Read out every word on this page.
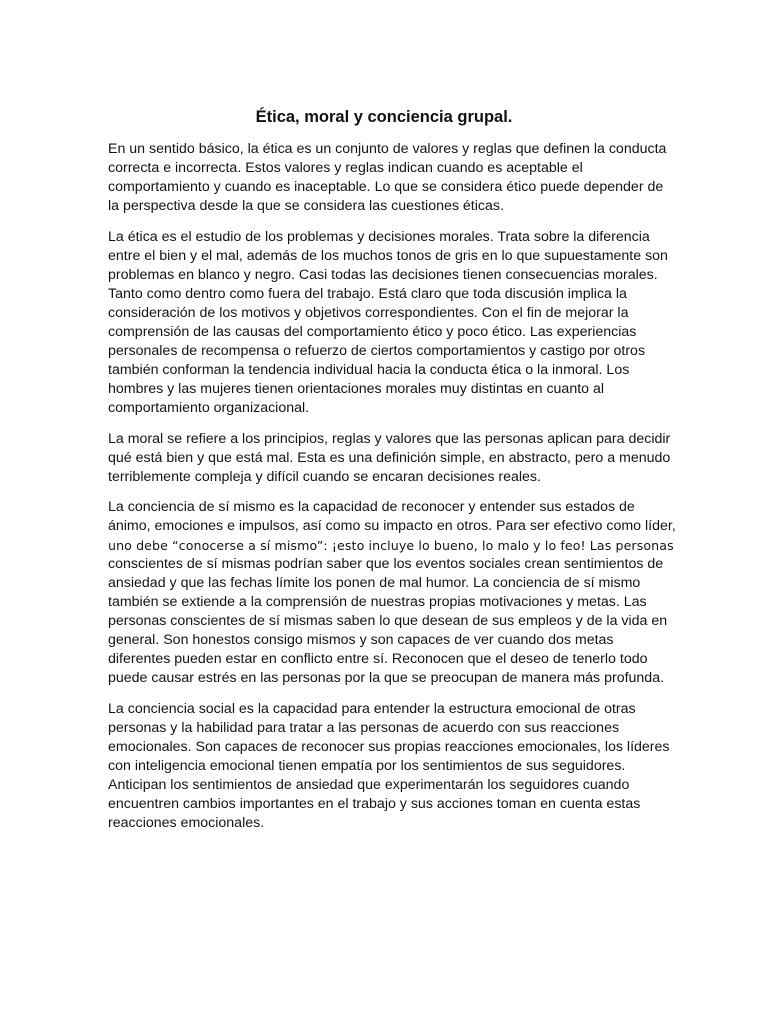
Ética, moral y conciencia grupal.
En un sentido básico, la ética es un conjunto de valores y reglas que definen la conducta
correcta e incorrecta. Estos valores y reglas indican cuando es aceptable el
comportamiento y cuando es inaceptable. Lo que se considera ético puede depender de
la perspectiva desde la que se considera las cuestiones éticas.
La ética es el estudio de los problemas y decisiones morales. Trata sobre la diferencia
entre el bien y el mal, además de los muchos tonos de gris en lo que supuestamente son
problemas en blanco y negro. Casi todas las decisiones tienen consecuencias morales.
Tanto como dentro como fuera del trabajo. Está claro que toda discusión implica la
consideración de los motivos y objetivos correspondientes. Con el fin de mejorar la
comprensión de las causas del comportamiento ético y poco ético. Las experiencias
personales de recompensa o refuerzo de ciertos comportamientos y castigo por otros
también conforman la tendencia individual hacia la conducta ética o la inmoral. Los
hombres y las mujeres tienen orientaciones morales muy distintas en cuanto al
comportamiento organizacional.
La moral se refiere a los principios, reglas y valores que las personas aplican para decidir
qué está bien y que está mal. Esta es una definición simple, en abstracto, pero a menudo
terriblemente compleja y difícil cuando se encaran decisiones reales.
La conciencia de sí mismo es la capacidad de reconocer y entender sus estados de
ánimo, emociones e impulsos, así como su impacto en otros. Para ser efectivo como líder,
uno debe “conocerse a sí mismo”: ¡esto incluye lo bueno, lo malo y lo feo! Las personas
conscientes de sí mismas podrían saber que los eventos sociales crean sentimientos de
ansiedad y que las fechas límite los ponen de mal humor. La conciencia de sí mismo
también se extiende a la comprensión de nuestras propias motivaciones y metas. Las
personas conscientes de sí mismas saben lo que desean de sus empleos y de la vida en
general. Son honestos consigo mismos y son capaces de ver cuando dos metas
diferentes pueden estar en conflicto entre sí. Reconocen que el deseo de tenerlo todo
puede causar estrés en las personas por la que se preocupan de manera más profunda.
La conciencia social es la capacidad para entender la estructura emocional de otras
personas y la habilidad para tratar a las personas de acuerdo con sus reacciones
emocionales. Son capaces de reconocer sus propias reacciones emocionales, los líderes
con inteligencia emocional tienen empatía por los sentimientos de sus seguidores.
Anticipan los sentimientos de ansiedad que experimentarán los seguidores cuando
encuentren cambios importantes en el trabajo y sus acciones toman en cuenta estas
reacciones emocionales.
